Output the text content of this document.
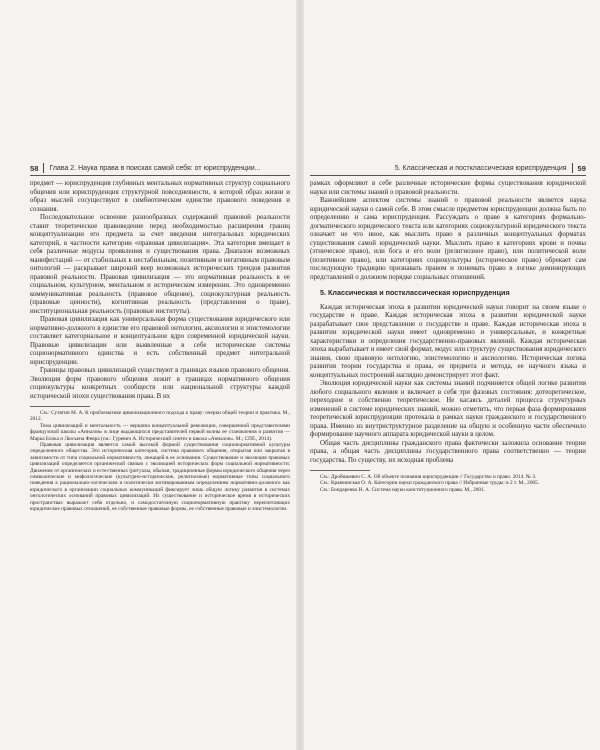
58 Глава 2. Наука права в поисках самой себя: от юриспруденции...

предмет — юриспруденция глубинных ментальных нормативных структур социального общения или юриспруденция структурной повседневности, в которой образ жизни и образ мыслей сосуществуют в симбиотическом единстве правового поведения и сознания.

Последовательное освоение разнообразных содержаний правовой реальности ставит теоретическое правоведение перед необходимостью расширения границ концептуализации его предмета за счет введения интегральных юридических категорий, в частности категории «правовая цивилизация». Эта категория вмещает в себя различные модусы проявления и существования права. Диапазон возможных манифестаций — от стабильных к нестабильным, позитивным и негативным правовым онтологий — раскрывает широкий веер возможных исторических трендов развития правовой реальности. Правовая цивилизация — это нормативная реальность в ее социальном, культурном, ментальном и историческом измерении. Это одновременно коммуникативная реальность (правовое общение), социокультурная реальность (правовые ценности), когнитивная реальность (представления о праве), институциональная реальность (правовые институты).

Правовая цивилизация как универсальная форма существования юридического или нормативно-должного в единстве его правовой онтологии, аксиологии и эпистемологии составляет категориальное и концептуальное ядро современной юридической науки. Правовые цивилизации или выявленные в себе исторические системы соционормативного единства и есть собственный предмет интегральной юриспруденции.

Границы правовых цивилизаций существуют в границах языков правового общения. Эволюция форм правового общения лежит в границах нормативного общения социокультуры конкретных сообществ или национальной структуры каждой исторической эпохи существования права. В их

См.: Сутягин М. А. К проблематике цивилизационного подхода к праву: очерки общей теории и практика. М., 2012.

Тема цивилизаций и ментальность — вершина концептуальной революции, совершенной представителями французской школы «Анналов» в лице выдающихся представителей первой волны ее становления и развития — Марка Блока и Люсьена Февра (см.: Гуревич А. Исторический синтез и школа «Анналов». М.; СПб., 2014).

Правовая цивилизация является самой высокой формой существования соционормативной культуры определенного общества. Это историческая категория, система правового общения, открытая или закрытая в зависимости от типа социальной нормативности, лежащей в ее основании. Существование и эволюция правовых цивилизаций определяется органической связью с эволюцией исторических форм социальной нормативности. Движение от органических и естественных (ритуалы, обычаи, традиционные формы юридического общения через символические и мифологические (культурно-исторические, религиозные) нормативные типы социального поведения к рационально-логическим и политически мотивированным определениям нормативно-должного как юридического в организации социальных коммуникаций фиксирует лишь общую логику развития в системах онтологических оснований правовых цивилизаций. Их существование и историческое время в исторических пространствах выражает себя отдельно, и самодостаточную соционормативную практику переплетающих юридическое правовых отношений, ее собственные правовые формы, ее собственные правовые и эпистемологии.

5. Классическая и постклассическая юриспруденция 59

рамках оформляют в себе различные исторические формы существования юридической науки или системы знаний о правовой реальности.

Важнейшим аспектом системы знаний о правовой реальности является наука юридической науки о самой себе. В этом смысле предметом юриспруденции должна быть по определению и сама юриспруденция. Рассуждать о праве в категориях формально-догматического юридического текста или категориях социокультурной юридического текста означает не что иное, как мыслить право в различных концептуальных форматах существования самой юридической науки. Мыслить право в категориях крови и почвы (этническое право), или бога и его воли (религиозное право), или политической воли (позитивное право), или категориях социокультуры (историческое право) обрекает сам последующую традицию признавать правом и понимать право в логике доминирующих представлений о должном порядке социальных отношений.

5. Классическая и постклассическая юриспруденция

Каждая историческая эпоха в развитии юридической науки говорит на своем языке о государстве и праве. Каждая историческая эпоха в развитии юридической науки разрабатывает свое представление о государстве и праве. Каждая историческая эпоха в развитии юридической науки имеет одновременно и универсальные, и конкретные характеристики и определения государственно-правовых явлений. Каждая историческая эпоха вырабатывает и имеет свой формат, модус или структуру существования юридического знания, свою правовую онтологию, эпистемологию и аксиологию. Историческая логика развития теории государства и права, ее предмета и метода, ее научного языка и концептуальных построений наглядно демонстрирует этот факт.

Эволюция юридической науки как системы знаний подчиняется общей логике развития любого социального явления и включает в себя три фазовых состояния: дотеоретическое, переходное и собственно теоретическое. Не касаясь деталей процесса структурных изменений в системе юридических знаний, можно отметить, что первая фаза формирования теоретической юриспруденции протекала в рамках науки гражданского и государственного права. Именно из внутриструктурное разделение на общую и особенную части обеспечило формирование научного аппарата юридической науки в целом.

Общая часть дисциплины гражданского права фактически заложила основание теории права, а общая часть дисциплины государственного права соответственно — теории государства. По существу, их исходная проблема

См.: Дробязкевич С. А. Об объекте познания юриспруденции // Государство и право. 2014. № 3.

См.: Кравчинская О. А. Категории науки гражданского права // Избранные труды: в 2 т. М., 2005.

См.: Бондаренко Н. А. Система науки конституционного права. М., 2001.
